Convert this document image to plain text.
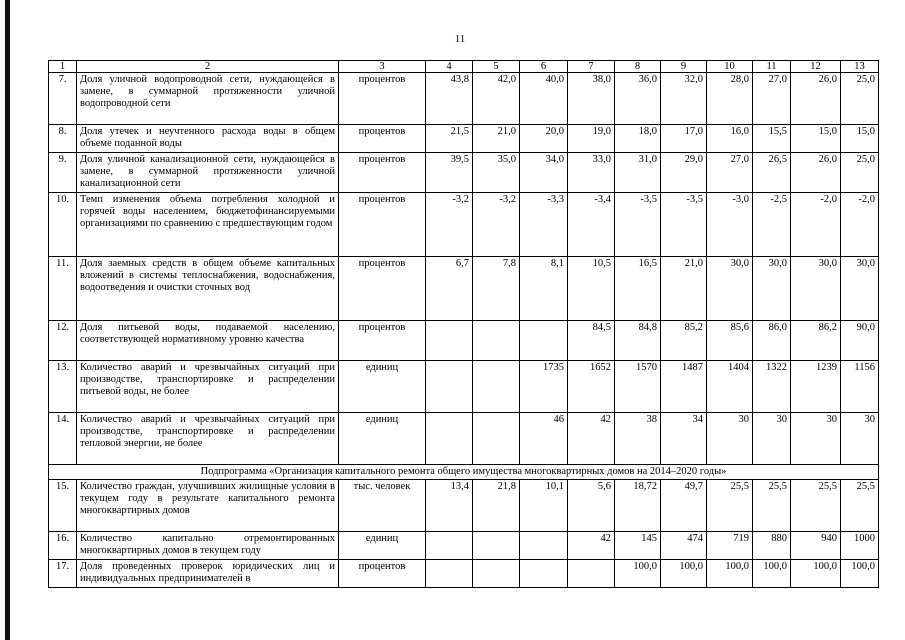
11
1	2	3	4	5	6	7	8	9	10	11	12	13
7.	Доля уличной водопроводной сети, нуждающейся в замене, в суммарной протяженности уличной водопроводной сети	процентов	43,8	42,0	40,0	38,0	36,0	32,0	28,0	27,0	26,0	25,0
8.	Доля утечек и неучтенного расхода воды в общем объеме поданной воды	процентов	21,5	21,0	20,0	19,0	18,0	17,0	16,0	15,5	15,0	15,0
9.	Доля уличной канализационной сети, нуждающейся в замене, в суммарной протяженности уличной канализационной сети	процентов	39,5	35,0	34,0	33,0	31,0	29,0	27,0	26,5	26,0	25,0
10.	Темп изменения объема потребления холодной и горячей воды населением, бюджетофинансируемыми организациями по сравнению с предшествующим годом	процентов	-3,2	-3,2	-3,3	-3,4	-3,5	-3,5	-3,0	-2,5	-2,0	-2,0
11.	Доля заемных средств в общем объеме капитальных вложений в системы теплоснабжения, водоснабжения, водоотведения и очистки сточных вод	процентов	6,7	7,8	8,1	10,5	16,5	21,0	30,0	30,0	30,0	30,0
12.	Доля питьевой воды, подаваемой населению, соответствующей нормативному уровню качества	процентов				84,5	84,8	85,2	85,6	86,0	86,2	90,0
13.	Количество аварий и чрезвычайных ситуаций при производстве, транспортировке и распределении питьевой воды, не более	единиц			1735	1652	1570	1487	1404	1322	1239	1156
14.	Количество аварий и чрезвычайных ситуаций при производстве, транспортировке и распределении тепловой энергии, не более	единиц			46	42	38	34	30	30	30	30
Подпрограмма «Организация капитального ремонта общего имущества многоквартирных домов на 2014–2020 годы»												
15.	Количество граждан, улучшивших жилищные условия в текущем году в результате капитального ремонта многоквартирных домов	тыс. человек	13,4	21,8	10,1	5,6	18,72	49,7	25,5	25,5	25,5	25,5
16.	Количество капитально отремонтированных многоквартирных домов в текущем году	единиц				42	145	474	719	880	940	1000
17.	Доля проведенных проверок юридических лиц и индивидуальных предпринимателей в	процентов					100,0	100,0	100,0	100,0	100,0	100,0
